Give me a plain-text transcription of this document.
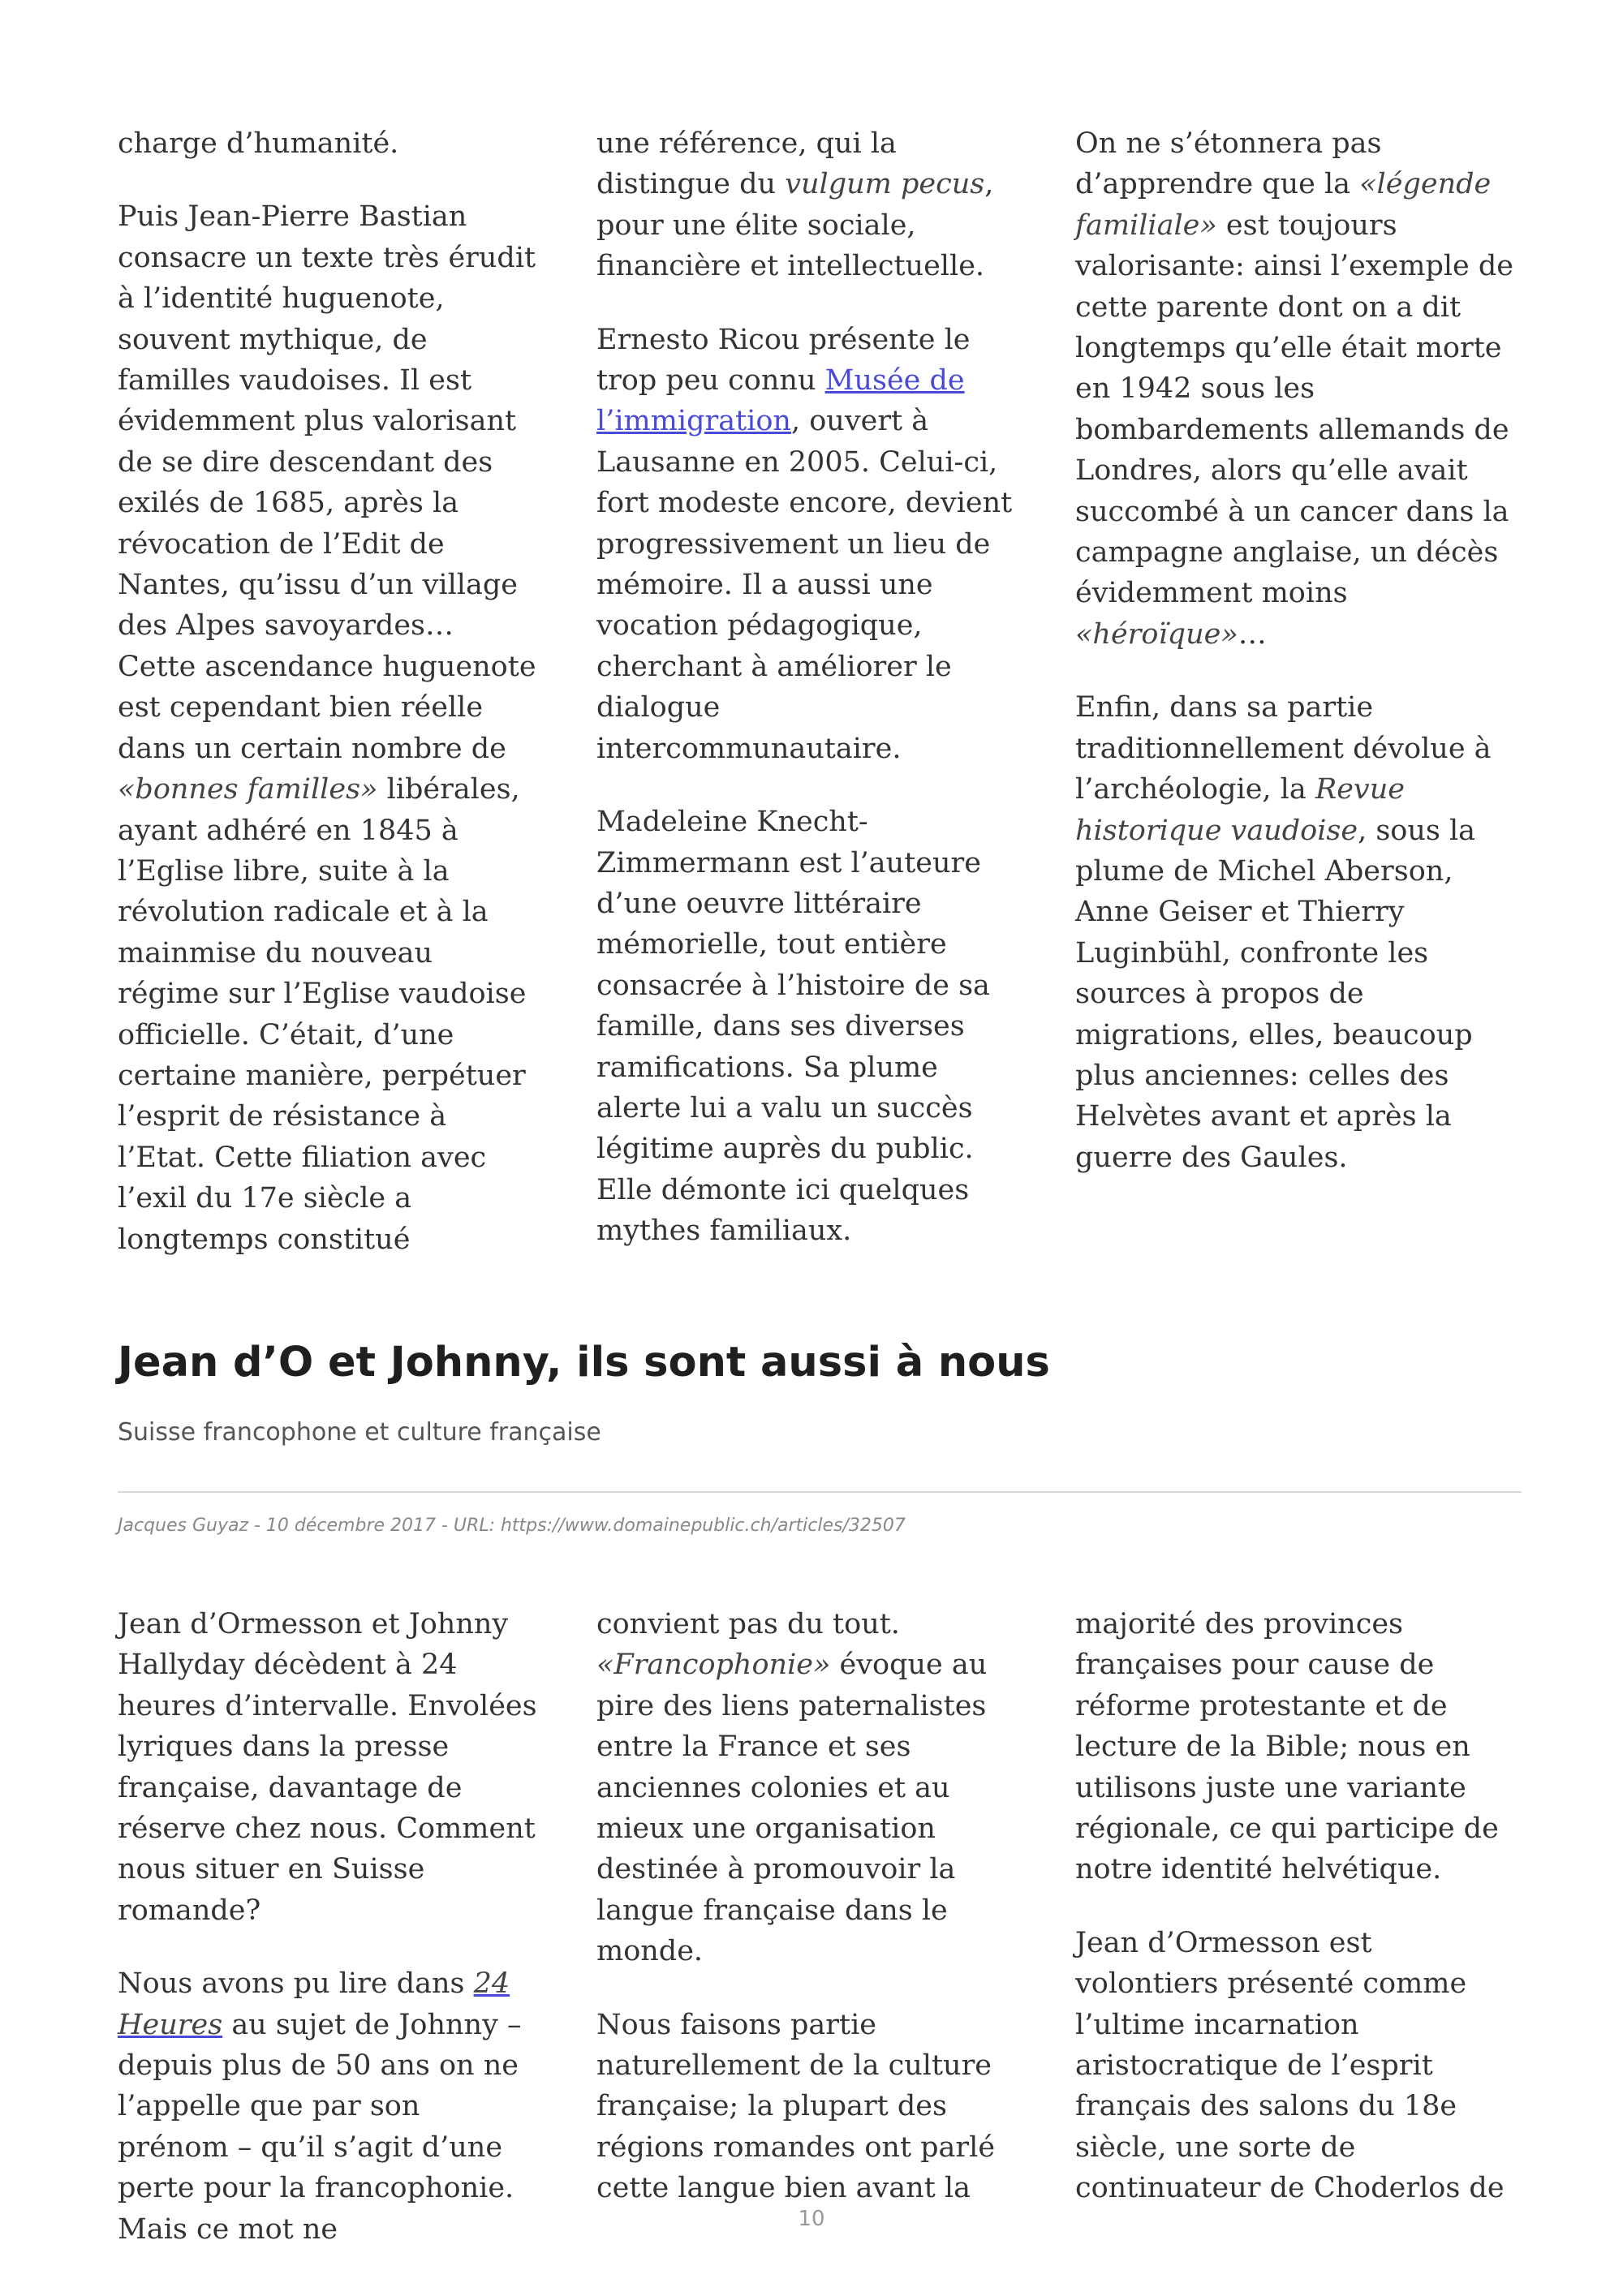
charge d’humanité.

Puis Jean-Pierre Bastian consacre un texte très érudit à l’identité huguenote, souvent mythique, de familles vaudoises. Il est évidemment plus valorisant de se dire descendant des exilés de 1685, après la révocation de l’Edit de Nantes, qu’issu d’un village des Alpes savoyardes… Cette ascendance huguenote est cependant bien réelle dans un certain nombre de «bonnes familles» libérales, ayant adhéré en 1845 à l’Eglise libre, suite à la révolution radicale et à la mainmise du nouveau régime sur l’Eglise vaudoise officielle. C’était, d’une certaine manière, perpétuer l’esprit de résistance à l’Etat. Cette filiation avec l’exil du 17e siècle a longtemps constitué

une référence, qui la distingue du vulgum pecus, pour une élite sociale, financière et intellectuelle.

Ernesto Ricou présente le trop peu connu Musée de l’immigration, ouvert à Lausanne en 2005. Celui-ci, fort modeste encore, devient progressivement un lieu de mémoire. Il a aussi une vocation pédagogique, cherchant à améliorer le dialogue intercommunautaire.

Madeleine Knecht-Zimmermann est l’auteure d’une oeuvre littéraire mémorielle, tout entière consacrée à l’histoire de sa famille, dans ses diverses ramifications. Sa plume alerte lui a valu un succès légitime auprès du public. Elle démonte ici quelques mythes familiaux.

On ne s’étonnera pas d’apprendre que la «légende familiale» est toujours valorisante: ainsi l’exemple de cette parente dont on a dit longtemps qu’elle était morte en 1942 sous les bombardements allemands de Londres, alors qu’elle avait succombé à un cancer dans la campagne anglaise, un décès évidemment moins «héroïque»…

Enfin, dans sa partie traditionnellement dévolue à l’archéologie, la Revue historique vaudoise, sous la plume de Michel Aberson, Anne Geiser et Thierry Luginbühl, confronte les sources à propos de migrations, elles, beaucoup plus anciennes: celles des Helvètes avant et après la guerre des Gaules.

Jean d’O et Johnny, ils sont aussi à nous

Suisse francophone et culture française

Jacques Guyaz - 10 décembre 2017 - URL: https://www.domainepublic.ch/articles/32507

Jean d’Ormesson et Johnny Hallyday décèdent à 24 heures d’intervalle. Envolées lyriques dans la presse française, davantage de réserve chez nous. Comment nous situer en Suisse romande?

Nous avons pu lire dans 24 Heures au sujet de Johnny – depuis plus de 50 ans on ne l’appelle que par son prénom – qu’il s’agit d’une perte pour la francophonie. Mais ce mot ne

convient pas du tout. «Francophonie» évoque au pire des liens paternalistes entre la France et ses anciennes colonies et au mieux une organisation destinée à promouvoir la langue française dans le monde.

Nous faisons partie naturellement de la culture française; la plupart des régions romandes ont parlé cette langue bien avant la

majorité des provinces françaises pour cause de réforme protestante et de lecture de la Bible; nous en utilisons juste une variante régionale, ce qui participe de notre identité helvétique.

Jean d’Ormesson est volontiers présenté comme l’ultime incarnation aristocratique de l’esprit français des salons du 18e siècle, une sorte de continuateur de Choderlos de

10
